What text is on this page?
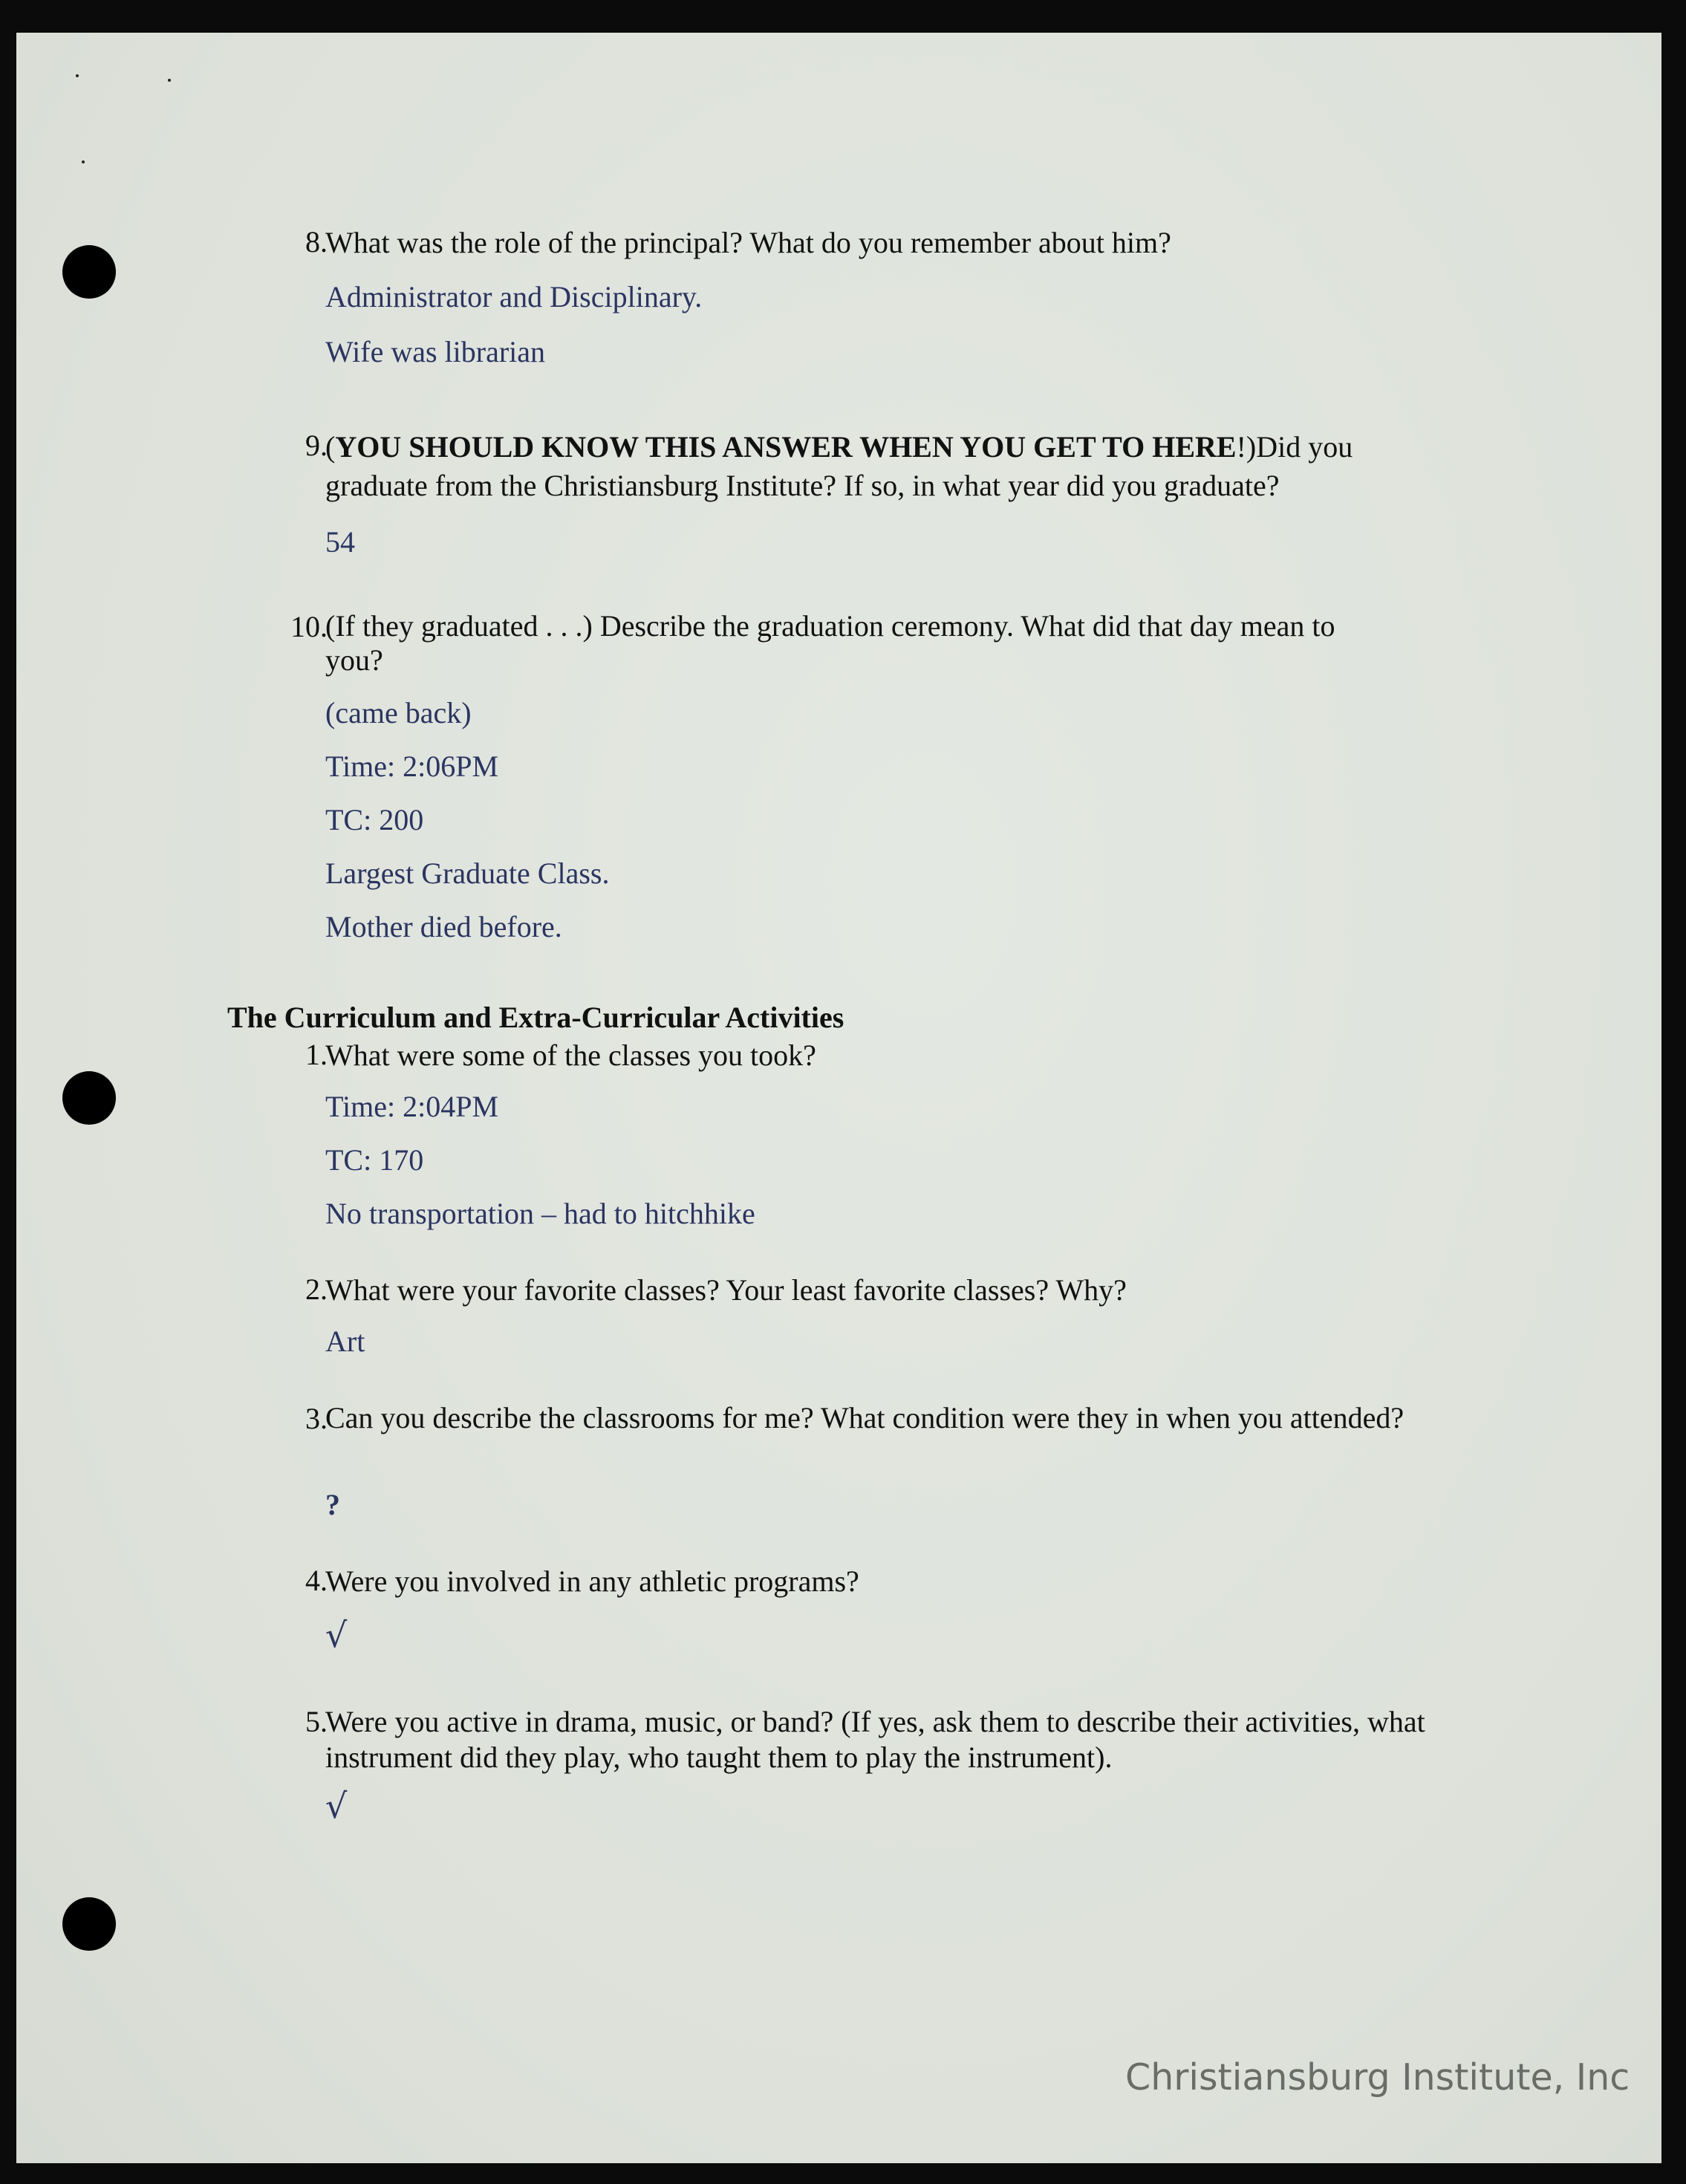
8.
What was the role of the principal? What do you remember about him?
Administrator and Disciplinary.
Wife was librarian
9.
(YOU SHOULD KNOW THIS ANSWER WHEN YOU GET TO HERE!)Did you
graduate from the Christiansburg Institute? If so, in what year did you graduate?
54
10.
(If they graduated . . .) Describe the graduation ceremony. What did that day mean to you?
(came back)
Time: 2:06PM
TC: 200
Largest Graduate Class.
Mother died before.
The Curriculum and Extra-Curricular Activities
1.
What were some of the classes you took?
Time: 2:04PM
TC: 170
No transportation – had to hitchhike
2.
What were your favorite classes? Your least favorite classes? Why?
Art
3.
Can you describe the classrooms for me? What condition were they in when you attended?
?
4.
Were you involved in any athletic programs?
√
5.
Were you active in drama, music, or band? (If yes, ask them to describe their activities, what instrument did they play, who taught them to play the instrument).
√
Christiansburg Institute, Inc
